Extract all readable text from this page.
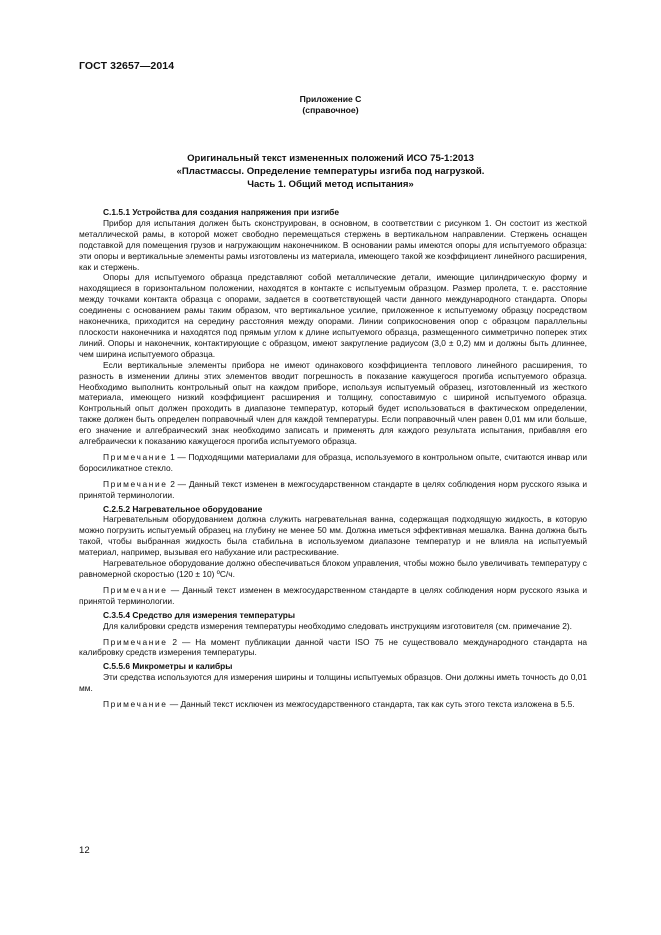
ГОСТ 32657—2014
Приложение С
(справочное)
Оригинальный текст измененных положений ИСО 75-1:2013
«Пластмассы. Определение температуры изгиба под нагрузкой.
Часть 1. Общий метод испытания»

С.1.5.1 Устройства для создания напряжения при изгибе

Прибор для испытания должен быть сконструирован, в основном, в соответствии с рисунком 1. Он состоит из жесткой металлической рамы, в которой может свободно перемещаться стержень в вертикальном направлении. Стержень оснащен подставкой для помещения грузов и нагружающим наконечником. В основании рамы имеются опоры для испытуемого образца: эти опоры и вертикальные элементы рамы изготовлены из материала, имеющего такой же коэффициент линейного расширения, как и стержень.

Опоры для испытуемого образца представляют собой металлические детали, имеющие цилиндрическую форму и находящиеся в горизонтальном положении, находятся в контакте с испытуемым образцом. Размер пролета, т. е. расстояние между точками контакта образца с опорами, задается в соответствующей части данного международного стандарта. Опоры соединены с основанием рамы таким образом, что вертикальное усилие, приложенное к испытуемому образцу посредством наконечника, приходится на середину расстояния между опорами. Линии соприкосновения опор с образцом параллельны плоскости наконечника и находятся под прямым углом к длине испытуемого образца, размещенного симметрично поперек этих линий. Опоры и наконечник, контактирующие с образцом, имеют закругление радиусом (3,0 ± 0,2) мм и должны быть длиннее, чем ширина испытуемого образца.

Если вертикальные элементы прибора не имеют одинакового коэффициента теплового линейного расширения, то разность в изменении длины этих элементов вводит погрешность в показание кажущегося прогиба испытуемого образца. Необходимо выполнить контрольный опыт на каждом приборе, используя испытуемый образец, изготовленный из жесткого материала, имеющего низкий коэффициент расширения и толщину, сопоставимую с шириной испытуемого образца. Контрольный опыт должен проходить в диапазоне температур, который будет использоваться в фактическом определении, также должен быть определен поправочный член для каждой температуры. Если поправочный член равен 0,01 мм или больше, его значение и алгебраический знак необходимо записать и применять для каждого результата испытания, прибавляя его алгебраически к показанию кажущегося прогиба испытуемого образца.

Примечание 1 — Подходящими материалами для образца, используемого в контрольном опыте, считаются инвар или боросиликатное стекло.

Примечание 2 — Данный текст изменен в межгосударственном стандарте в целях соблюдения норм русского языка и принятой терминологии.

С.2.5.2 Нагревательное оборудование

Нагревательным оборудованием должна служить нагревательная ванна, содержащая подходящую жидкость, в которую можно погрузить испытуемый образец на глубину не менее 50 мм. Должна иметься эффективная мешалка. Ванна должна быть такой, чтобы выбранная жидкость была стабильна в используемом диапазоне температур и не влияла на испытуемый материал, например, вызывая его набухание или растрескивание.

Нагревательное оборудование должно обеспечиваться блоком управления, чтобы можно было увеличивать температуру с равномерной скоростью (120 ± 10) ºС/ч.

Примечание — Данный текст изменен в межгосударственном стандарте в целях соблюдения норм русского языка и принятой терминологии.

С.3.5.4 Средство для измерения температуры

Для калибровки средств измерения температуры необходимо следовать инструкциям изготовителя (см. примечание 2).

Примечание 2 — На момент публикации данной части ISO 75 не существовало международного стандарта на калибровку средств измерения температуры.

С.5.5.6 Микрометры и калибры

Эти средства используются для измерения ширины и толщины испытуемых образцов. Они должны иметь точность до 0,01 мм.

Примечание — Данный текст исключен из межгосударственного стандарта, так как суть этого текста изложена в 5.5.

12
